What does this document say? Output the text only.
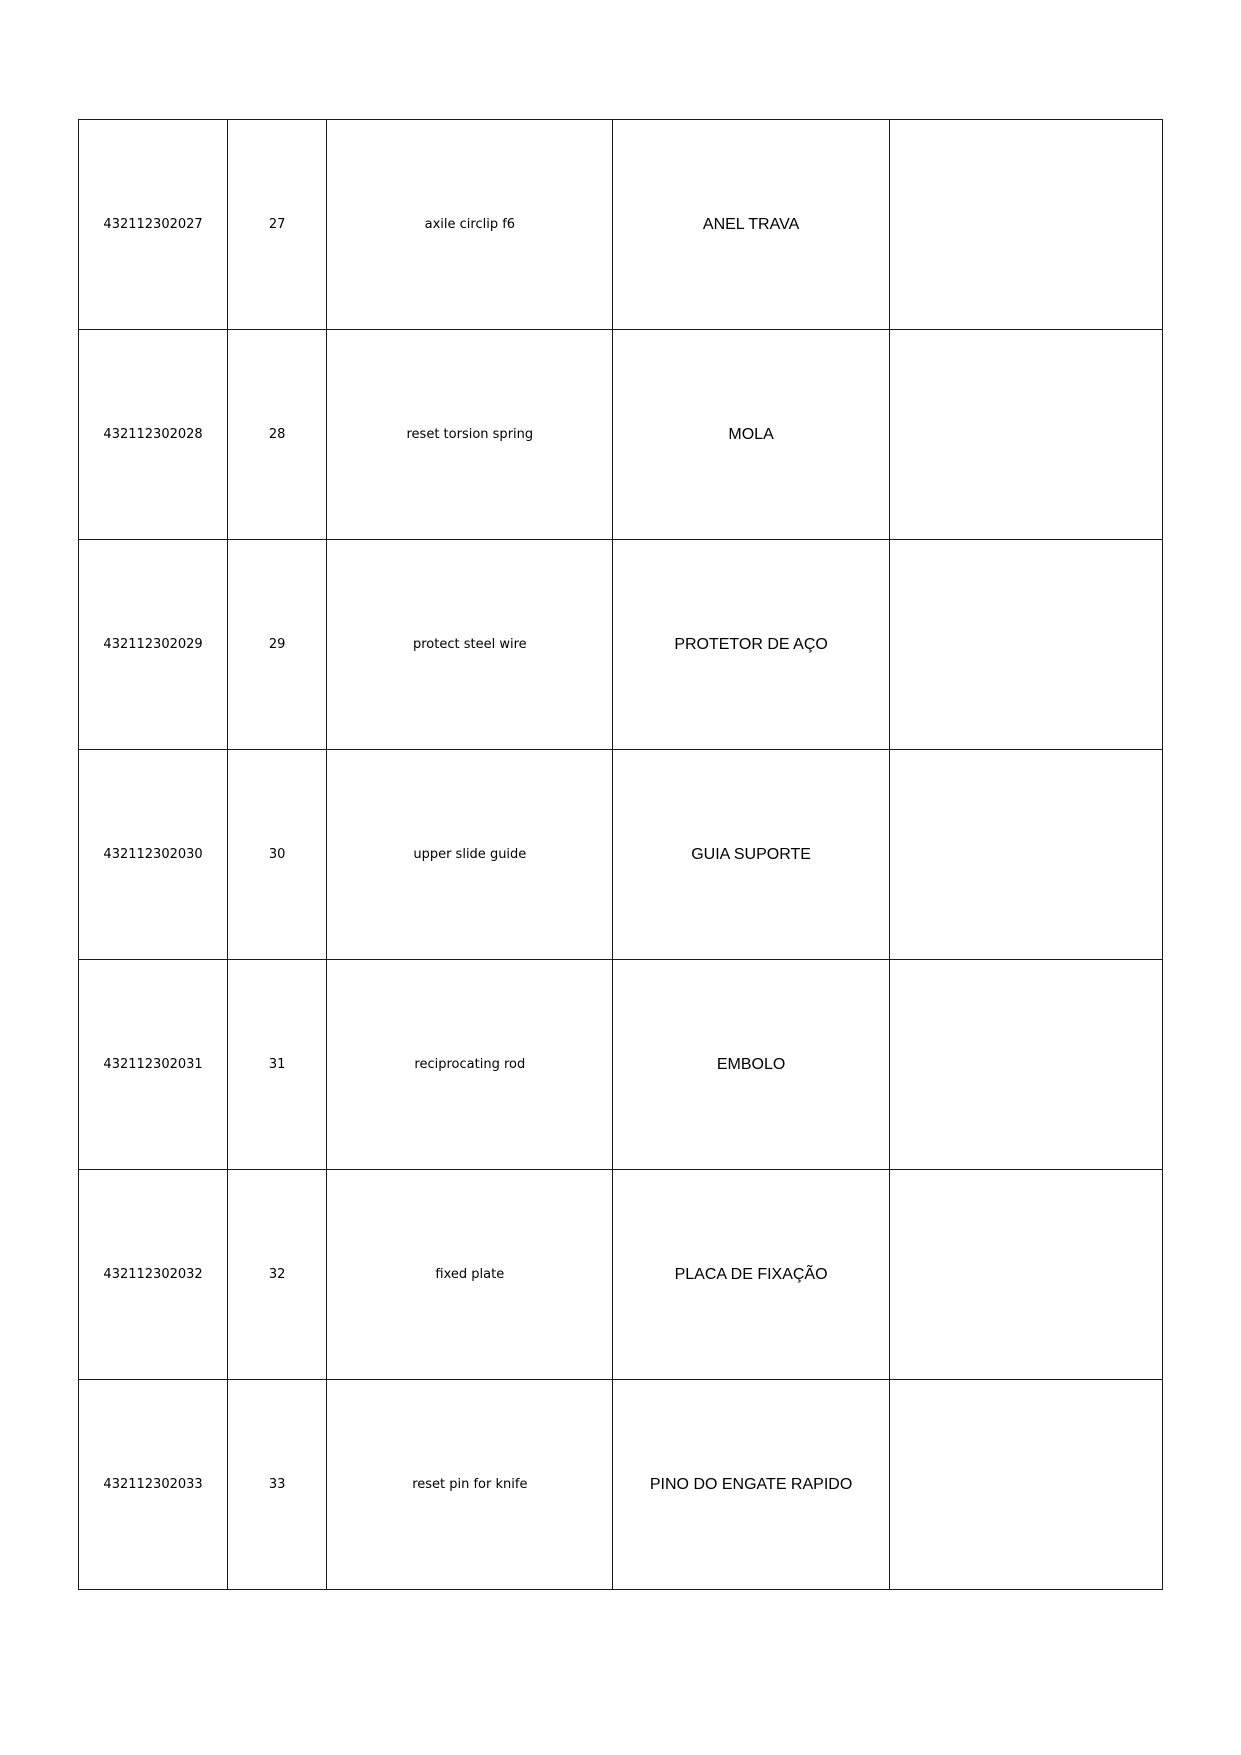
432112302027	27	axile circlip f6	ANEL TRAVA	
432112302028	28	reset torsion spring	MOLA	
432112302029	29	protect steel wire	PROTETOR DE AÇO	
432112302030	30	upper slide guide	GUIA SUPORTE	
432112302031	31	reciprocating rod	EMBOLO	
432112302032	32	fixed plate	PLACA DE FIXAÇÃO	
432112302033	33	reset pin for knife	PINO DO ENGATE RAPIDO	
